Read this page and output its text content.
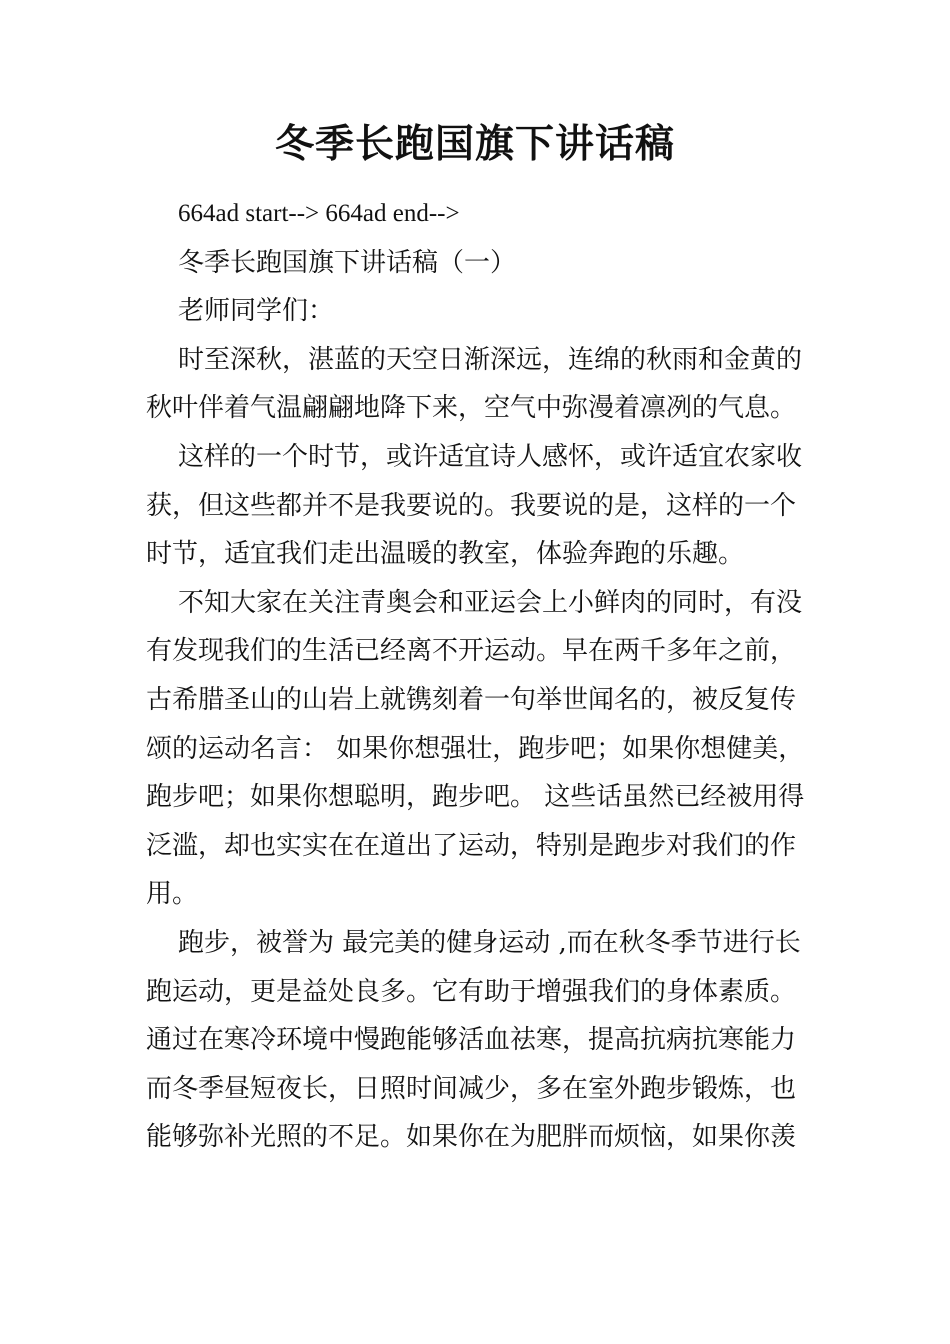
冬季长跑国旗下讲话稿
664ad start--> 664ad end-->
冬季长跑国旗下讲话稿（一）
老师同学们：
时至深秋，湛蓝的天空日渐深远，连绵的秋雨和金黄的
秋叶伴着气温翩翩地降下来，空气中弥漫着凛冽的气息。
这样的一个时节，或许适宜诗人感怀，或许适宜农家收
获，但这些都并不是我要说的。我要说的是，这样的一个
时节，适宜我们走出温暖的教室，体验奔跑的乐趣。
不知大家在关注青奥会和亚运会上小鲜肉的同时，有没
有发现我们的生活已经离不开运动。早在两千多年之前，
古希腊圣山的山岩上就镌刻着一句举世闻名的，被反复传
颂的运动名言： 如果你想强壮，跑步吧；如果你想健美，
跑步吧；如果你想聪明，跑步吧。 这些话虽然已经被用得
泛滥，却也实实在在道出了运动，特别是跑步对我们的作
用。
跑步，被誉为 最完美的健身运动 ,而在秋冬季节进行长
跑运动，更是益处良多。它有助于增强我们的身体素质。
通过在寒冷环境中慢跑能够活血祛寒，提高抗病抗寒能力
而冬季昼短夜长，日照时间减少，多在室外跑步锻炼，也
能够弥补光照的不足。如果你在为肥胖而烦恼，如果你羡
